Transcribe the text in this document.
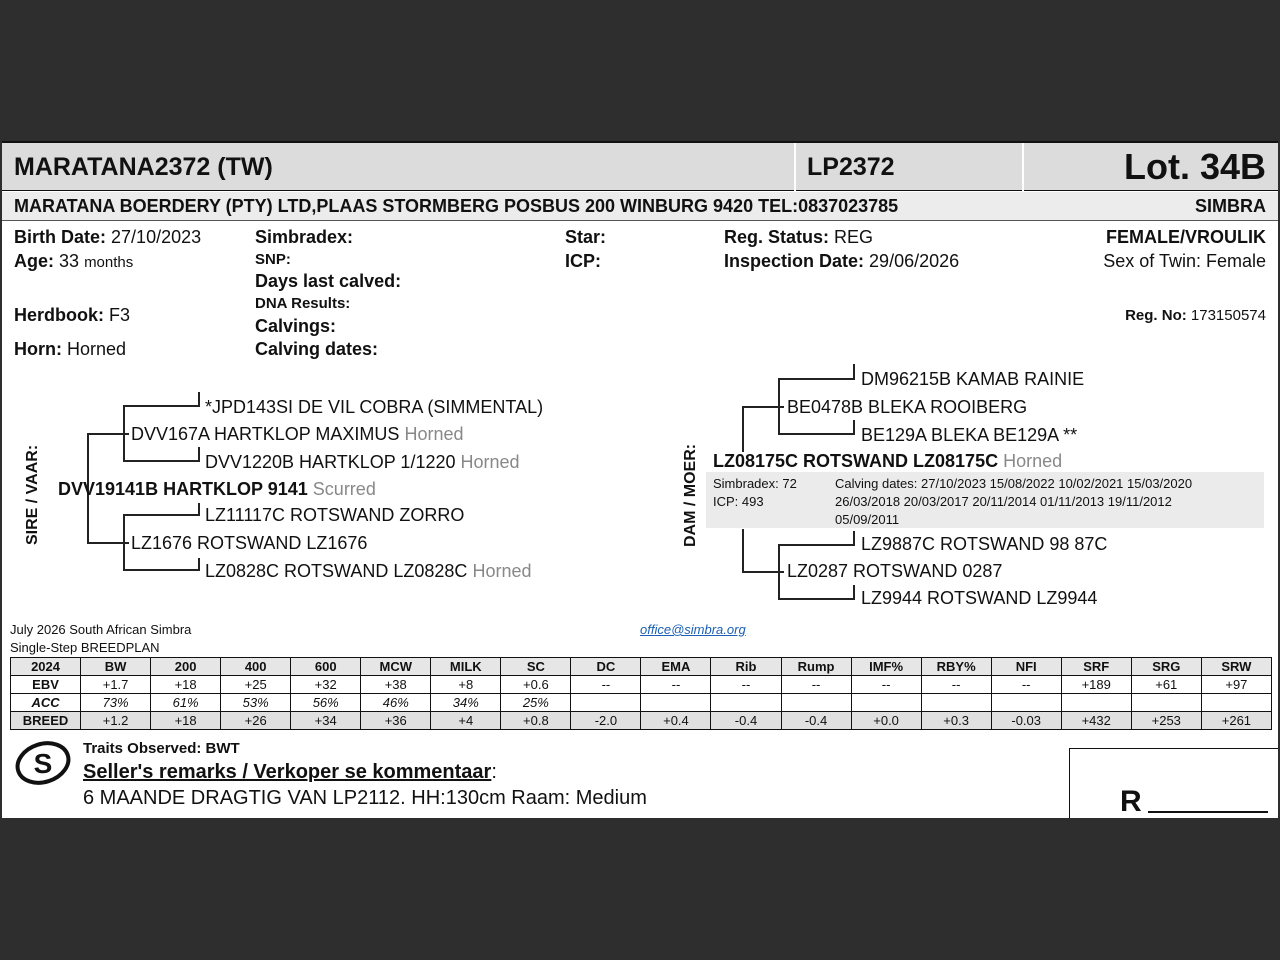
MARATANA2372 (TW)	LP2372	Lot. 34B
MARATANA BOERDERY (PTY) LTD,PLAAS STORMBERG POSBUS 200 WINBURG 9420 TEL:0837023785	SIMBRA
Birth Date: 27/10/2023
Age: 33 months
Herdbook: F3
Horn: Horned
Simbradex:
SNP:
Days last calved:
DNA Results:
Calvings:
Calving dates:
Star:
ICP:
Reg. Status: REG
Inspection Date: 29/06/2026
FEMALE/VROULIK
Sex of Twin: Female
Reg. No: 173150574
SIRE / VAAR:
*JPD143SI DE VIL COBRA (SIMMENTAL)
DVV167A HARTKLOP MAXIMUS Horned
DVV1220B HARTKLOP 1/1220 Horned
DVV19141B HARTKLOP 9141 Scurred
LZ11117C ROTSWAND ZORRO
LZ1676 ROTSWAND LZ1676
LZ0828C ROTSWAND LZ0828C Horned
DAM / MOER:
DM96215B KAMAB RAINIE
BE0478B BLEKA ROOIBERG
BE129A BLEKA BE129A **
LZ08175C ROTSWAND LZ08175C Horned
Simbradex: 72
ICP: 493
Calving dates: 27/10/2023 15/08/2022 10/02/2021 15/03/2020
26/03/2018 20/03/2017 20/11/2014 01/11/2013 19/11/2012
05/09/2011
LZ9887C ROTSWAND 98 87C
LZ0287 ROTSWAND 0287
LZ9944 ROTSWAND LZ9944
July 2026 South African Simbra
Single-Step BREEDPLAN
office@simbra.org
2024	BW	200	400	600	MCW	MILK	SC	DC	EMA	Rib	Rump	IMF%	RBY%	NFI	SRF	SRG	SRW
EBV	+1.7	+18	+25	+32	+38	+8	+0.6	--	--	--	--	--	--	--	+189	+61	+97
ACC	73%	61%	53%	56%	46%	34%	25%										
BREED	+1.2	+18	+26	+34	+36	+4	+0.8	-2.0	+0.4	-0.4	-0.4	+0.0	+0.3	-0.03	+432	+253	+261
S Traits Observed: BWT
Seller's remarks / Verkoper se kommentaar:
6 MAANDE DRAGTIG VAN LP2112. HH:130cm Raam: Medium	R
